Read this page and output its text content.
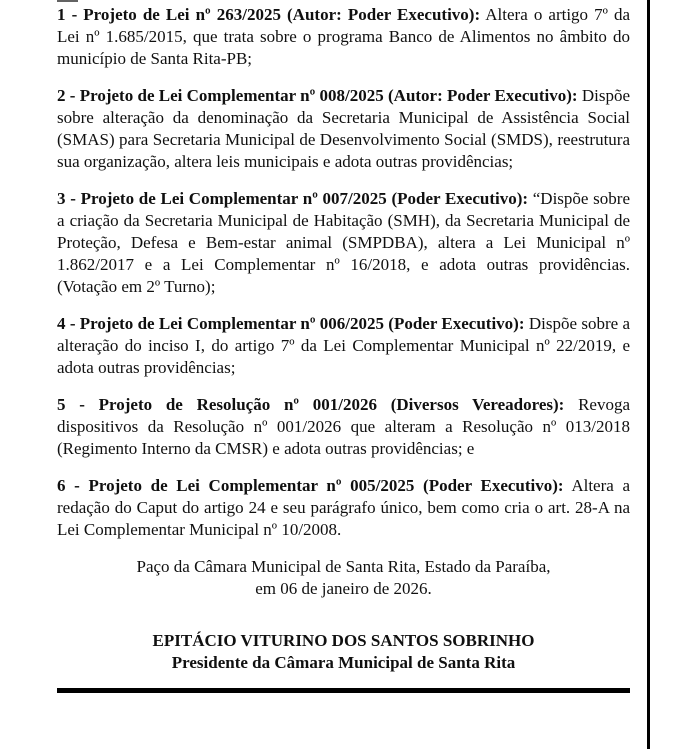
1 - Projeto de Lei nº 263/2025 (Autor: Poder Executivo): Altera o artigo 7º da Lei nº 1.685/2015, que trata sobre o programa Banco de Alimentos no âmbito do município de Santa Rita-PB;

2 - Projeto de Lei Complementar nº 008/2025 (Autor: Poder Executivo): Dispõe sobre alteração da denominação da Secretaria Municipal de Assistência Social (SMAS) para Secretaria Municipal de Desenvolvimento Social (SMDS), reestrutura sua organização, altera leis municipais e adota outras providências;

3 - Projeto de Lei Complementar nº 007/2025 (Poder Executivo): “Dispõe sobre a criação da Secretaria Municipal de Habitação (SMH), da Secretaria Municipal de Proteção, Defesa e Bem-estar animal (SMPDBA), altera a Lei Municipal nº 1.862/2017 e a Lei Complementar nº 16/2018, e adota outras providências. (Votação em 2º Turno);

4 - Projeto de Lei Complementar nº 006/2025 (Poder Executivo): Dispõe sobre a alteração do inciso I, do artigo 7º da Lei Complementar Municipal nº 22/2019, e adota outras providências;

5 - Projeto de Resolução nº 001/2026 (Diversos Vereadores): Revoga dispositivos da Resolução nº 001/2026 que alteram a Resolução nº 013/2018 (Regimento Interno da CMSR) e adota outras providências; e

6 - Projeto de Lei Complementar nº 005/2025 (Poder Executivo): Altera a redação do Caput do artigo 24 e seu parágrafo único, bem como cria o art. 28-A na Lei Complementar Municipal nº 10/2008.

Paço da Câmara Municipal de Santa Rita, Estado da Paraíba,
em 06 de janeiro de 2026.

EPITÁCIO VITURINO DOS SANTOS SOBRINHO
Presidente da Câmara Municipal de Santa Rita
